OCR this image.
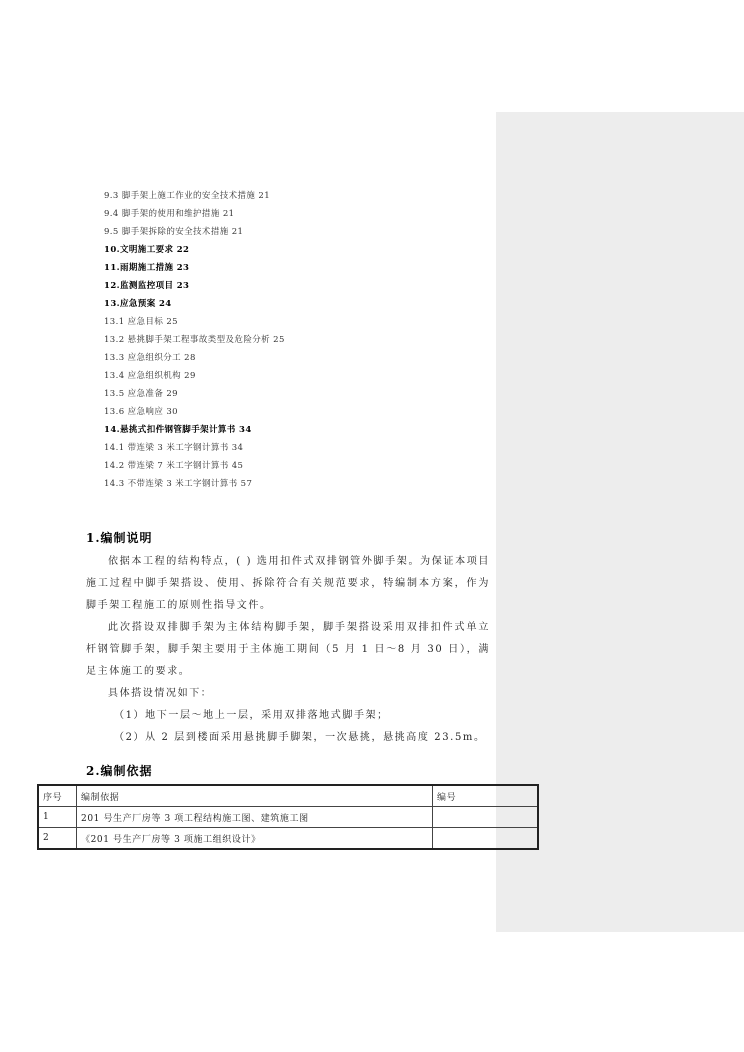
9.3 脚手架上施工作业的安全技术措施 21
9.4 脚手架的使用和维护措施 21
9.5 脚手架拆除的安全技术措施 21
10.文明施工要求 22
11.雨期施工措施 23
12.监测监控项目 23
13.应急预案 24
13.1 应急目标 25
13.2 悬挑脚手架工程事故类型及危险分析 25
13.3 应急组织分工 28
13.4 应急组织机构 29
13.5 应急准备 29
13.6 应急响应 30
14.悬挑式扣件钢管脚手架计算书 34
14.1 带连梁 3 米工字钢计算书 34
14.2 带连梁 7 米工字钢计算书 45
14.3 不带连梁 3 米工字钢计算书 57
1.编制说明

依据本工程的结构特点，( ) 选用扣件式双排钢管外脚手架。为保证本项目施工过程中脚手架搭设、使用、拆除符合有关规范要求，特编制本方案，作为脚手架工程施工的原则性指导文件。

此次搭设双排脚手架为主体结构脚手架，脚手架搭设采用双排扣件式单立杆钢管脚手架，脚手架主要用于主体施工期间（5 月 1 日～8 月 30 日），满足主体施工的要求。

具体搭设情况如下：

（1）地下一层～地上一层，采用双排落地式脚手架；

（2）从 2 层到楼面采用悬挑脚手脚架，一次悬挑，悬挑高度 23.5m。

2.编制依据
序号	编制依据	编号
1	201 号生产厂房等 3 项工程结构施工图、建筑施工图	
2	《201 号生产厂房等 3 项施工组织设计》	
